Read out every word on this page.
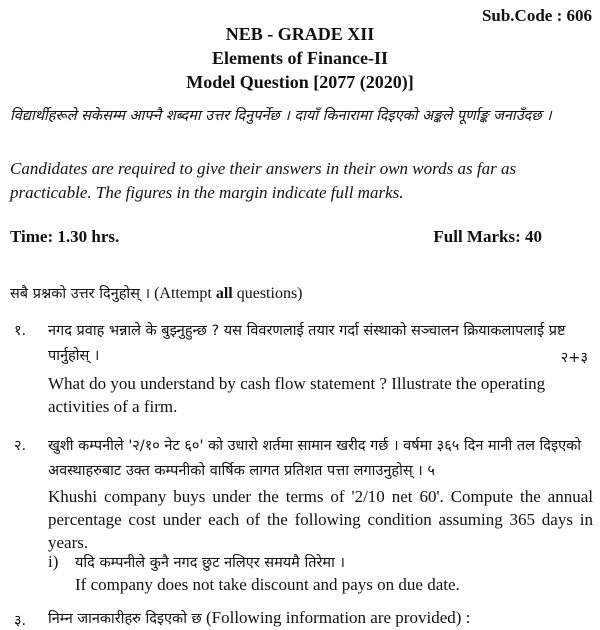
Sub.Code : 606
NEB - GRADE XII
Elements of Finance-II
Model Question [2077 (2020)]
विद्यार्थीहरूले सकेसम्म आफ्नै शब्दमा उत्तर दिनुपर्नेछ । दायाँ किनारामा दिइएको अङ्कले पूर्णाङ्क जनाउँदछ ।
Candidates are required to give their answers in their own words as far as practicable. The figures in the margin indicate full marks.
Time: 1.30 hrs.	Full Marks: 40
सबै प्रश्नको उत्तर दिनुहोस् । (Attempt all questions)
१. नगद प्रवाह भन्नाले के बुझ्नुहुन्छ ? यस विवरणलाई तयार गर्दा संस्थाको सञ्चालन क्रियाकलापलाई प्रष्ट पार्नुहोस् ।	२+३
What do you understand by cash flow statement ? Illustrate the operating activities of a firm.
२. खुशी कम्पनीले '२/१० नेट ६०' को उधारो शर्तमा सामान खरीद गर्छ । वर्षमा ३६५ दिन मानी तल दिइएको अवस्थाहरुबाट उक्त कम्पनीको वार्षिक लागत प्रतिशत पत्ता लगाउनुहोस् । ५
Khushi company buys under the terms of '2/10 net 60'. Compute the annual percentage cost under each of the following condition assuming 365 days in years.
i) यदि कम्पनीले कुनै नगद छुट नलिएर समयमै तिरेमा ।
If company does not take discount and pays on due date.
३. निम्न जानकारीहरु दिइएको छ (Following information are provided) :
